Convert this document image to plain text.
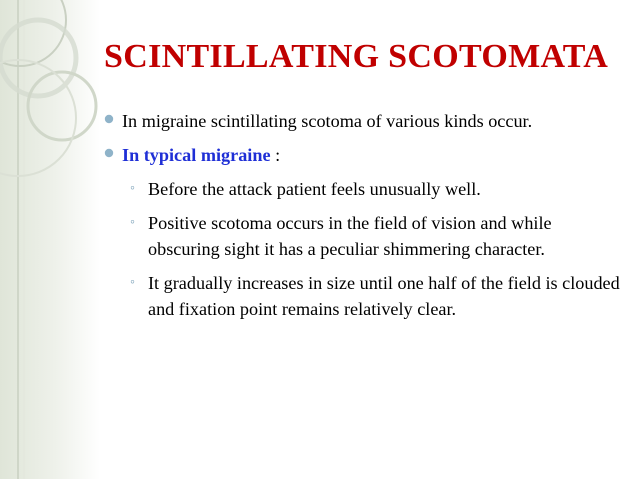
SCINTILLATING SCOTOMATA
In migraine scintillating scotoma of various kinds occur.
In typical migraine :
◦ Before the attack patient feels unusually well.
◦ Positive scotoma occurs in the field of vision and while obscuring sight it has a peculiar shimmering character.
◦ It gradually increases in size until one half of the field is clouded and fixation point remains relatively clear.
